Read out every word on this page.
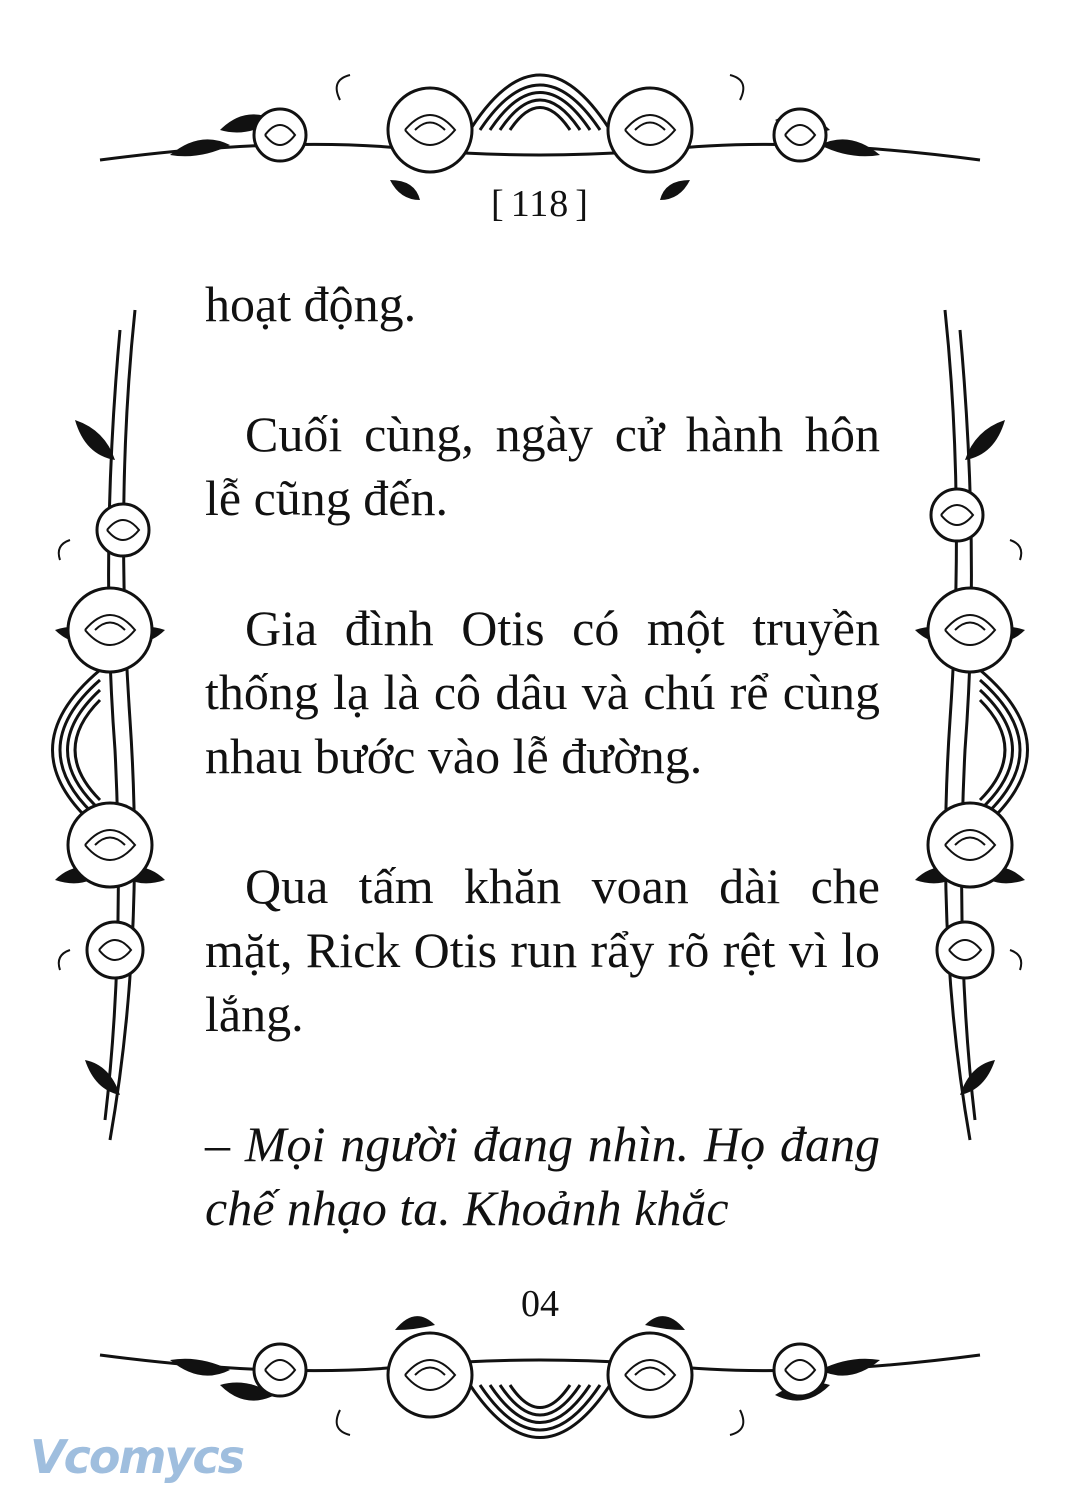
[ 118 ]

hoạt động.

Cuối cùng, ngày cử hành hôn lễ cũng đến.

Gia đình Otis có một truyền thống lạ là cô dâu và chú rể cùng nhau bước vào lễ đường.

Qua tấm khăn voan dài che mặt, Rick Otis run rẩy rõ rệt vì lo lắng.

– Mọi người đang nhìn. Họ đang chế nhạo ta. Khoảnh khắc

04
Vcomycs
